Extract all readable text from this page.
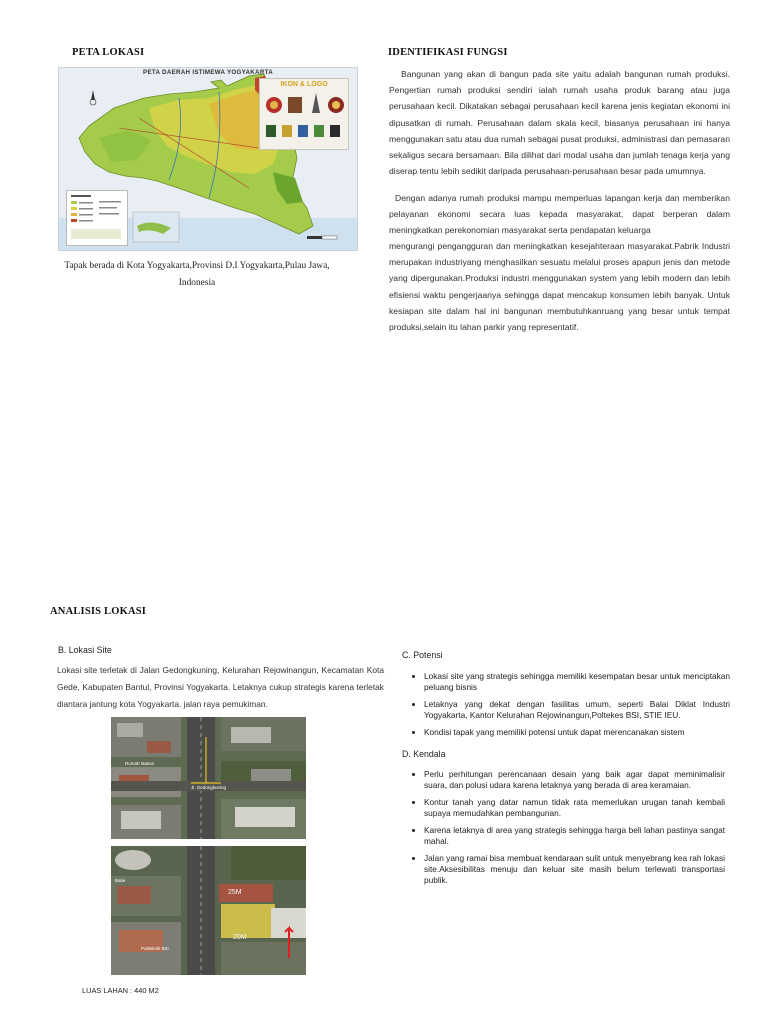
PETA LOKASI
PETA DAERAH ISTIMEWA YOGYAKARTA
IKON & LOGO
Tapak berada di Kota Yogyakarta,Provinsi D.I Yogyakarta,Pulau Jawa, Indonesia
IDENTIFIKASI FUNGSI
Bangunan yang akan di bangun pada site yaitu adalah bangunan rumah produksi. Pengertian rumah produksi sendiri ialah rumah usaha produk barang atau juga perusahaan kecil. Dikatakan sebagai perusahaan kecil karena jenis kegiatan ekonomi ini dipusatkan di rumah. Perusahaan dalam skala kecil, biasanya perusahaan ini hanya menggunakan satu atau dua rumah sebagai pusat produksi, administrasi dan pemasaran sekaligus secara bersamaan. Bila dilihat dari modal usaha dan jumlah tenaga kerja yang diserap tentu lebih sedikit daripada perusahaan-perusahaan besar pada umumnya.
Dengan adanya rumah produksi mampu memperluas lapangan kerja dan memberikan pelayanan ekonomi secara luas kepada masyarakat, dapat berperan dalam meningkatkan perekonomian masyarakat serta pendapatan keluarga
mengurangi pengangguran dan meningkatkan kesejahteraan masyarakat.Pabrik Industri merupakan industriyang menghasilkan sesuatu melalui proses apapun jenis dan metode yang dipergunakan.Produksi industri menggunakan system yang lebih modern dan lebih efisiensi waktu pengerjaanya sehingga dapat mencakup konsumen lebih banyak. Untuk kesiapan site dalam hal ini bangunan membutuhkanruang yang besar untuk tempat produksi,selain itu lahan parkir yang representatif.
ANALISIS LOKASI
B. Lokasi Site
Lokasi site terletak di Jalan Gedongkuning, Kelurahan Rejowinangun, Kecamatan Kota Gede, Kabupaten Bantul, Provinsi Yogyakarta. Letaknya cukup strategis karena terletak diantara jantung kota Yogyakarta. jalan raya pemukiman.
Jl. Gedongkuning
Rumah Makan
25M
20M
Politeknik BSI
Balai
LUAS LAHAN : 440 M2
C. Potensi
• Lokasi site yang strategis sehingga memiliki kesempatan besar untuk menciptakan peluang bisnis
• Letaknya yang dekat dengan fasilitas umum, seperti Balai Diklat Industri Yogyakarta, Kantor Kelurahan Rejowinangun,Poltekes BSI, STIE IEU.
• Kondisi tapak yang memiliki potensi untuk dapat merencanakan sistem
D. Kendala
• Perlu perhitungan perencanaan desain yang baik agar dapat meminimalisir suara, dan polusi udara karena letaknya yang berada di area keramaian.
• Kontur tanah yang datar namun tidak rata memerlukan urugan tanah kembali supaya memudahkan pembangunan.
• Karena letaknya di area yang strategis sehingga harga beli lahan pastinya sangat mahal.
• Jalan yang ramai bisa membuat kendaraan sulit untuk menyebrang kea rah lokasi site.Aksesibilitas menuju dan keluar site masih belum terlewati transportasi publik.
